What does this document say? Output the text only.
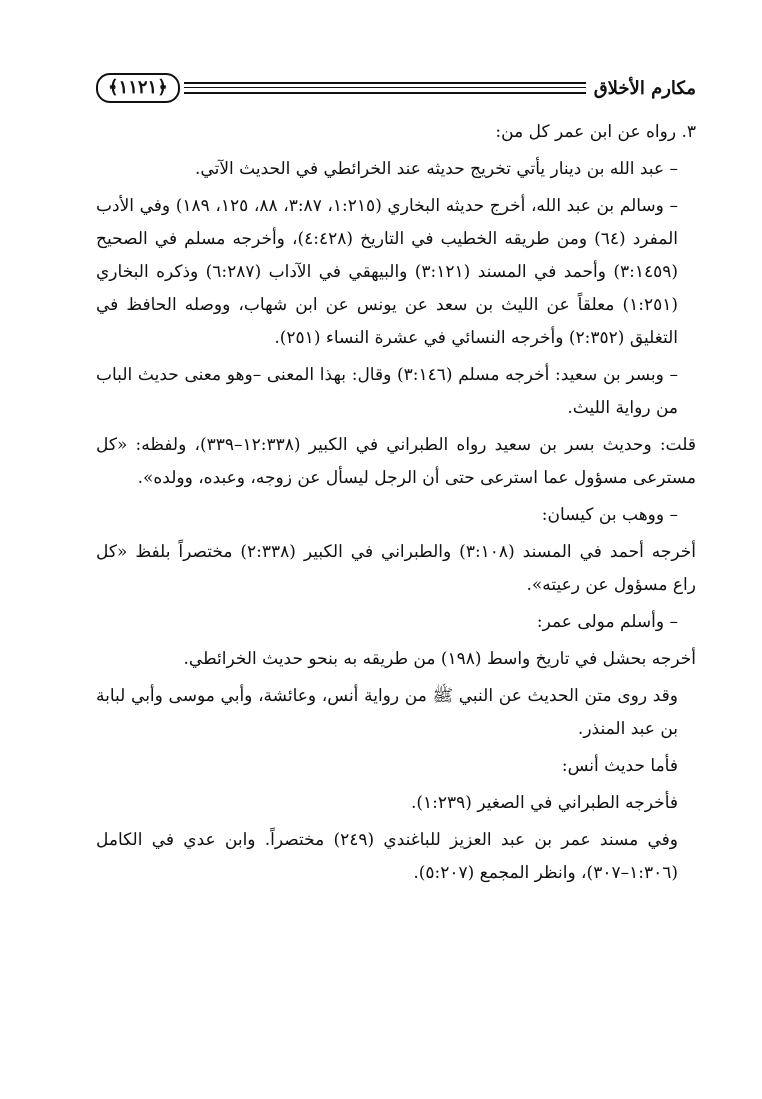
مكارم الأخلاق
﴿١١٢١﴾

٣. رواه عن ابن عمر كل من:

– عبد الله بن دينار يأتي تخريج حديثه عند الخرائطي في الحديث الآتي.

– وسالم بن عبد الله، أخرج حديثه البخاري (١:٢١٥، ٣:٨٧، ٨٨، ١٢٥، ١٨٩) وفي الأدب المفرد (٦٤) ومن طريقه الخطيب في التاريخ (٤:٤٢٨)، وأخرجه مسلم في الصحيح (٣:١٤٥٩) وأحمد في المسند (٣:١٢١) والبيهقي في الآداب (٦:٢٨٧) وذكره البخاري (١:٢٥١) معلقاً عن الليث بن سعد عن يونس عن ابن شهاب، ووصله الحافظ في التغليق (٢:٣٥٢) وأخرجه النسائي في عشرة النساء (٢٥١).

– وبسر بن سعيد: أخرجه مسلم (٣:١٤٦) وقال: بهذا المعنى –وهو معنى حديث الباب من رواية الليث.

قلت: وحديث بسر بن سعيد رواه الطبراني في الكبير (١٢:٣٣٨–٣٣٩)، ولفظه: «كل مسترعى مسؤول عما استرعى حتى أن الرجل ليسأل عن زوجه، وعبده، وولده».

– ووهب بن كيسان:

أخرجه أحمد في المسند (٣:١٠٨) والطبراني في الكبير (٢:٣٣٨) مختصراً بلفظ «كل راع مسؤول عن رعيته».

– وأسلم مولى عمر:

أخرجه بحشل في تاريخ واسط (١٩٨) من طريقه به بنحو حديث الخرائطي.

وقد روى متن الحديث عن النبي ﷺ من رواية أنس، وعائشة، وأبي موسى وأبي لبابة بن عبد المنذر.

فأما حديث أنس:

فأخرجه الطبراني في الصغير (١:٢٣٩).

وفي مسند عمر بن عبد العزيز للباغندي (٢٤٩) مختصراً. وابن عدي في الكامل (١:٣٠٦–٣٠٧)، وانظر المجمع (٥:٢٠٧).
